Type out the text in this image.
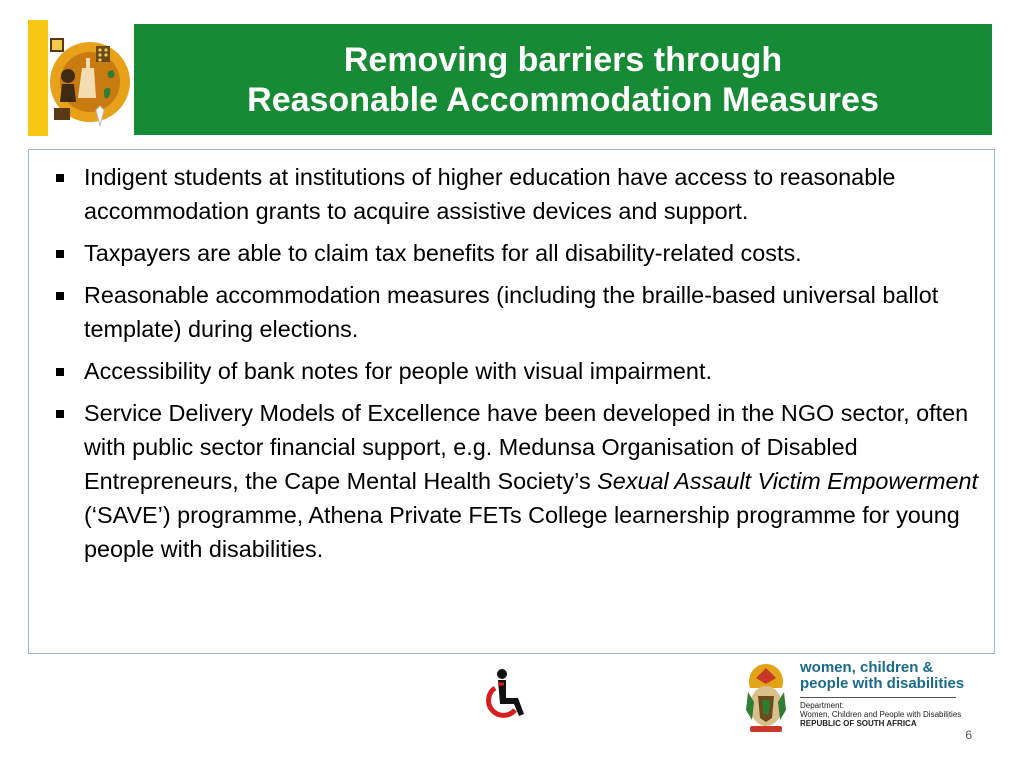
Removing barriers through
Reasonable Accommodation Measures
Indigent students at institutions of higher education have access to reasonable accommodation grants to acquire assistive devices and support.
Taxpayers are able to claim tax benefits for all disability-related costs.
Reasonable accommodation measures (including the braille-based universal ballot template) during elections.
Accessibility of bank notes for people with visual impairment.
Service Delivery Models of Excellence have been developed in the NGO sector, often with public sector financial support, e.g. Medunsa Organisation of Disabled Entrepreneurs, the Cape Mental Health Society’s Sexual Assault Victim Empowerment (‘SAVE’) programme, Athena Private FETs College learnership programme for young people with disabilities.
women, children &
people with disabilities
Department:
Women, Children and People with Disabilities
REPUBLIC OF SOUTH AFRICA
6
